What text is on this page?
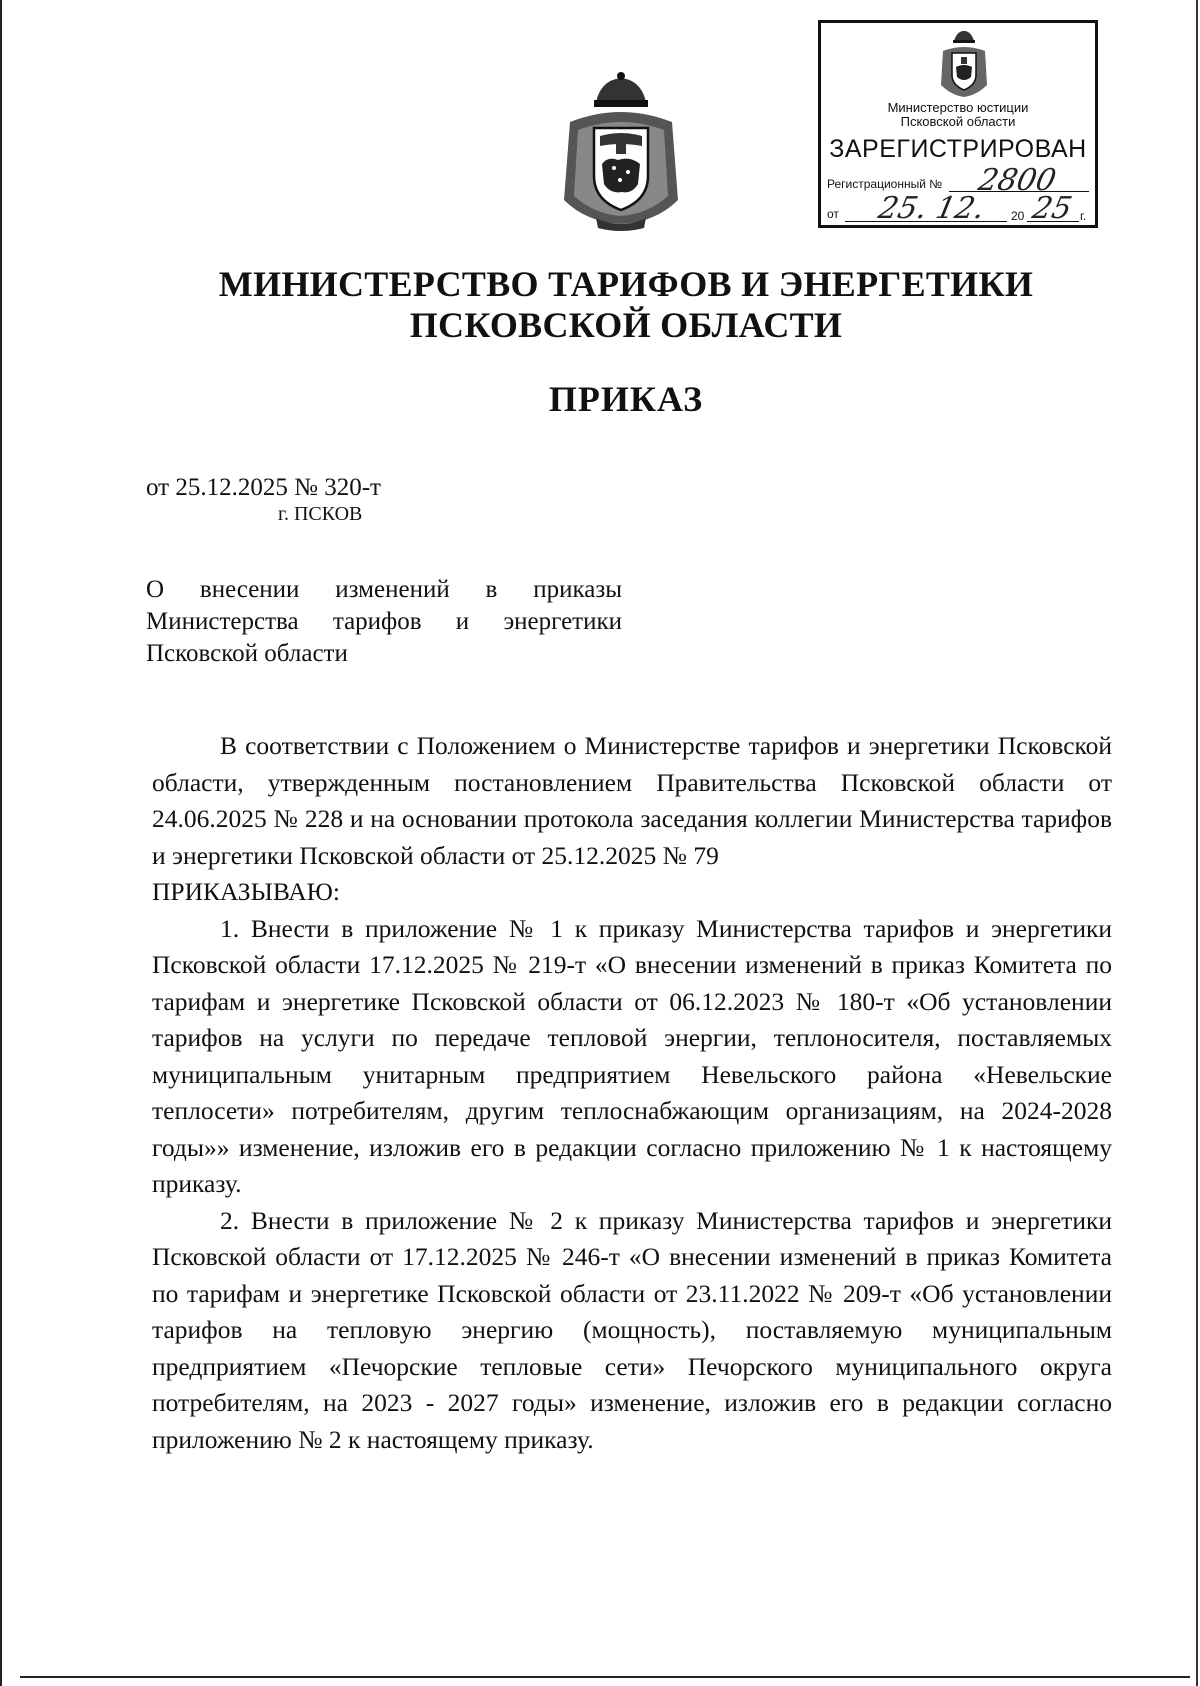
Министерство юстиции
Псковской области
ЗАРЕГИСТРИРОВАН
Регистрационный № 2800
от 25. 12. 20 25 г.
МИНИСТЕРСТВО ТАРИФОВ И ЭНЕРГЕТИКИ
ПСКОВСКОЙ ОБЛАСТИ
ПРИКАЗ
от 25.12.2025 № 320-т
г. ПСКОВ
О внесении изменений в приказы Министерства тарифов и энергетики Псковской области

В соответствии с Положением о Министерстве тарифов и энергетики Псковской области, утвержденным постановлением Правительства Псковской области от 24.06.2025 № 228 и на основании протокола заседания коллегии Министерства тарифов и энергетики Псковской области от 25.12.2025 № 79

ПРИКАЗЫВАЮ:

1. Внести в приложение № 1 к приказу Министерства тарифов и энергетики Псковской области 17.12.2025 № 219-т «О внесении изменений в приказ Комитета по тарифам и энергетике Псковской области от 06.12.2023 № 180-т «Об установлении тарифов на услуги по передаче тепловой энергии, теплоносителя, поставляемых муниципальным унитарным предприятием Невельского района «Невельские теплосети» потребителям, другим теплоснабжающим организациям, на 2024-2028 годы»» изменение, изложив его в редакции согласно приложению № 1 к настоящему приказу.

2. Внести в приложение № 2 к приказу Министерства тарифов и энергетики Псковской области от 17.12.2025 № 246-т «О внесении изменений в приказ Комитета по тарифам и энергетике Псковской области от 23.11.2022 № 209-т «Об установлении тарифов на тепловую энергию (мощность), поставляемую муниципальным предприятием «Печорские тепловые сети» Печорского муниципального округа потребителям, на 2023 - 2027 годы» изменение, изложив его в редакции согласно приложению № 2 к настоящему приказу.
